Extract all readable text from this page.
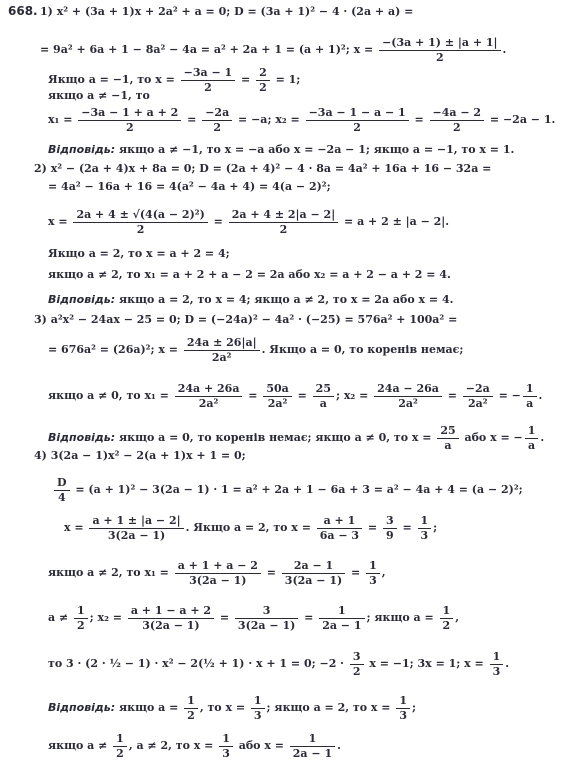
668. 1) x² + (3a + 1)x + 2a² + a = 0; D = (3a + 1)² − 4 · (2a + a) =
= 9a² + 6a + 1 − 8a² − 4a = a² + 2a + 1 = (a + 1)²; $x = \frac{-(3a + 1) \pm |a + 1|}{2}$ .
Якщо a = −1, то $x = \frac{-3a - 1}{2} = \frac{2}{2} = 1$;
якщо a ≠ −1, то
$x_1 = \frac{-3a - 1 + a + 2}{2} = \frac{-2a}{2} = -a$; $x_2 = \frac{-3a - 1 - a - 1}{2} = \frac{-4a - 2}{2} = -2a - 1$.
Відповідь: якщо a ≠ −1, то x = −a або x = −2a − 1; якщо a = −1, то x = 1.
2) x² − (2a + 4)x + 8a = 0; D = (2a + 4)² − 4 · 8a = 4a² + 16a + 16 − 32a =
= 4a² − 16a + 16 = 4(a² − 4a + 4) = 4(a − 2)²;
$x = \frac{\text{2a + 4 ± √(4(a − 2)²)}}{2} = \frac{2a + 4 \pm 2|a - 2|}{2} = a + 2 \pm |a - 2|$.
Якщо a = 2, то x = a + 2 = 4;
якщо a ≠ 2, то x₁ = a + 2 + a − 2 = 2a або x₂ = a + 2 − a + 2 = 4.
Відповідь: якщо a = 2, то x = 4; якщо a ≠ 2, то x = 2a або x = 4.
3) a²x² − 24ax − 25 = 0; D = (−24a)² − 4a² · (−25) = 576a² + 100a² =
= 676a² = (26a)²; $x = \frac{24a \pm 26|a|}{\text{2a²}}$ . Якщо a = 0, то коренів немає;
якщо a ≠ 0, то $x_1 = \frac{24a + 26a}{\text{2a²}} = \frac{50a}{\text{2a²}} = \frac{25}{a}$ ; $x_2 = \frac{24a - 26a}{\text{2a²}} = \frac{-2a}{\text{2a²}}$ = − $\frac{1}{a}$ .
Відповідь: якщо a = 0, то коренів немає; якщо a ≠ 0, то $x = \frac{25}{a}$ або x = − $\frac{1}{a}$ .
4) 3(2a − 1)x² − 2(a + 1)x + 1 = 0;
$\frac{D}{4} = (a + 1)^2 - 3(2a - 1) \cdot 1 = a^2 + 2a + 1 - 6a + 3 = a^2 - 4a + 4 = (a - 2)^2$;
$x = \frac{a + 1 \pm |a - 2|}{3(2a - 1)}$ . Якщо a = 2, то $x = \frac{a + 1}{6a - 3} = \frac{3}{9} = \frac{1}{3}$ ;
якщо a ≠ 2, то $x_1 = \frac{a + 1 + a - 2}{3(2a - 1)} = \frac{2a - 1}{3(2a - 1)} = \frac{1}{3}$ ,
$a \ne \frac{1}{2}$ ; $x_2 = \frac{a + 1 - a + 2}{3(2a - 1)} = \frac{3}{3(2a - 1)} = \frac{1}{2a - 1}$ ; якщо $a = \frac{1}{2}$ ,
то 3 · (2 · ½ − 1) · x² − 2(½ + 1) · x + 1 = 0; $-2 \cdot \frac{3}{2}$ x = −1; 3x = 1; $x = \frac{1}{3}$ .
Відповідь: якщо $a = \frac{1}{2}$ , то $x = \frac{1}{3}$ ; якщо a = 2, то $x = \frac{1}{3}$ ;
якщо $a \ne \frac{1}{2}$ , a ≠ 2, то $x = \frac{1}{3}$ або $x = \frac{1}{2a - 1}$ .
